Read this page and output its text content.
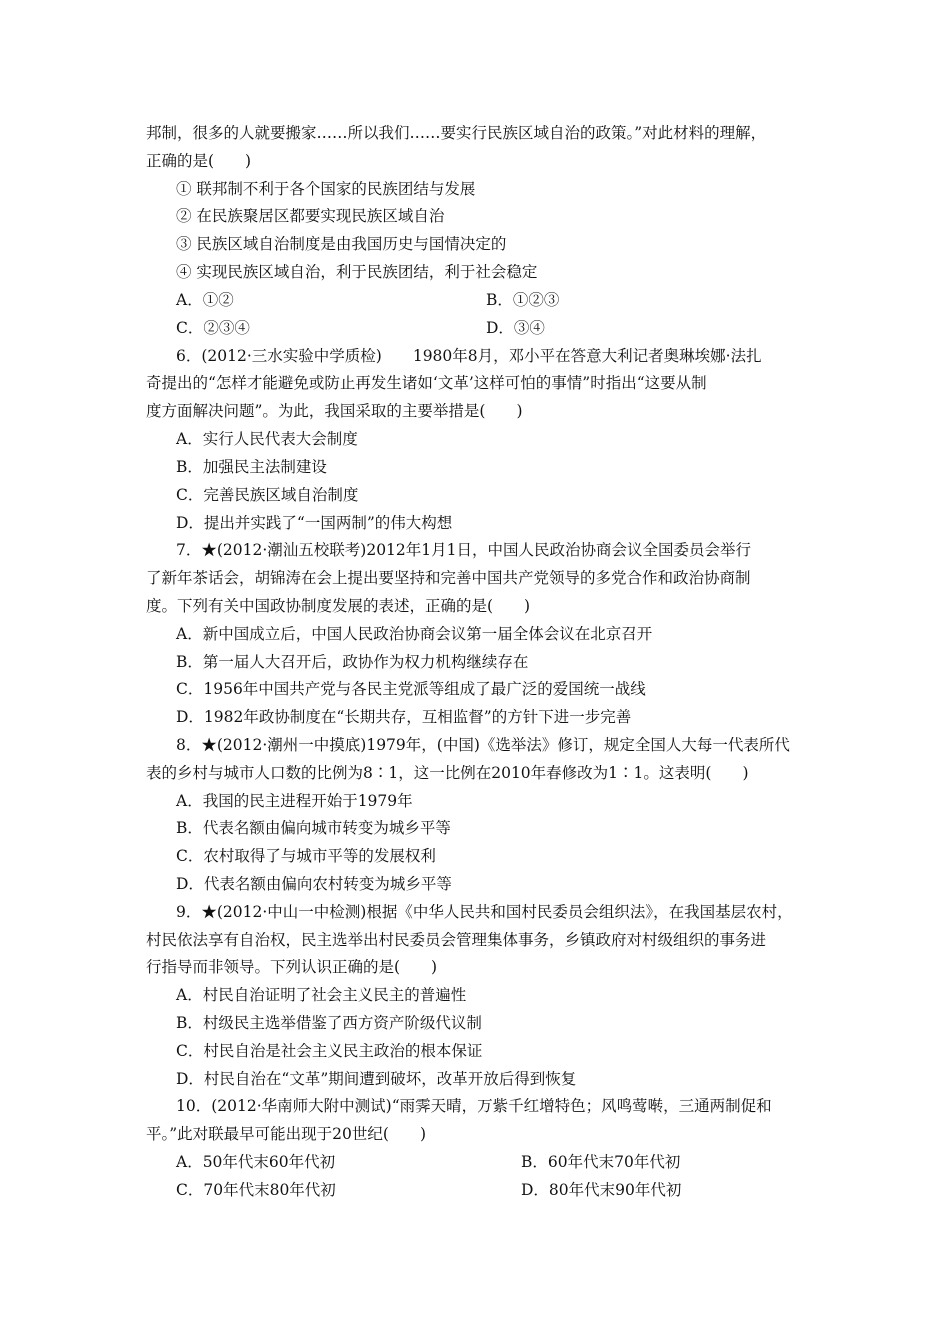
邦制，很多的人就要搬家……所以我们……要实行民族区域自治的政策。”对此材料的理解，
正确的是(　　)
① 联邦制不利于各个国家的民族团结与发展
② 在民族聚居区都要实现民族区域自治
③ 民族区域自治制度是由我国历史与国情决定的
④ 实现民族区域自治，利于民族团结，利于社会稳定
A．①②	B．①②③
C．②③④	D．③④
6．(2012·三水实验中学质检)　　1980年8月，邓小平在答意大利记者奥琳埃娜·法扎
奇提出的“怎样才能避免或防止再发生诸如‘文革’这样可怕的事情”时指出“这要从制
度方面解决问题”。为此，我国采取的主要举措是(　　)
A．实行人民代表大会制度
B．加强民主法制建设
C．完善民族区域自治制度
D．提出并实践了“一国两制”的伟大构想
7．★(2012·潮汕五校联考)2012年1月1日，中国人民政治协商会议全国委员会举行
了新年茶话会，胡锦涛在会上提出要坚持和完善中国共产党领导的多党合作和政治协商制
度。下列有关中国政协制度发展的表述，正确的是(　　)
A．新中国成立后，中国人民政治协商会议第一届全体会议在北京召开
B．第一届人大召开后，政协作为权力机构继续存在
C．1956年中国共产党与各民主党派等组成了最广泛的爱国统一战线
D．1982年政协制度在“长期共存，互相监督”的方针下进一步完善
8．★(2012·潮州一中摸底)1979年，(中国)《选举法》修订，规定全国人大每一代表所代
表的乡村与城市人口数的比例为8∶1，这一比例在2010年春修改为1∶1。这表明(　　)
A．我国的民主进程开始于1979年
B．代表名额由偏向城市转变为城乡平等
C．农村取得了与城市平等的发展权利
D．代表名额由偏向农村转变为城乡平等
9．★(2012·中山一中检测)根据《中华人民共和国村民委员会组织法》，在我国基层农村，
村民依法享有自治权，民主选举出村民委员会管理集体事务，乡镇政府对村级组织的事务进
行指导而非领导。下列认识正确的是(　　)
A．村民自治证明了社会主义民主的普遍性
B．村级民主选举借鉴了西方资产阶级代议制
C．村民自治是社会主义民主政治的根本保证
D．村民自治在“文革”期间遭到破坏，改革开放后得到恢复
10．(2012·华南师大附中测试)“雨霁天晴，万紫千红增特色；风鸣莺啭，三通两制促和
平。”此对联最早可能出现于20世纪(　　)
A．50年代末60年代初	B．60年代末70年代初
C．70年代末80年代初	D．80年代末90年代初
